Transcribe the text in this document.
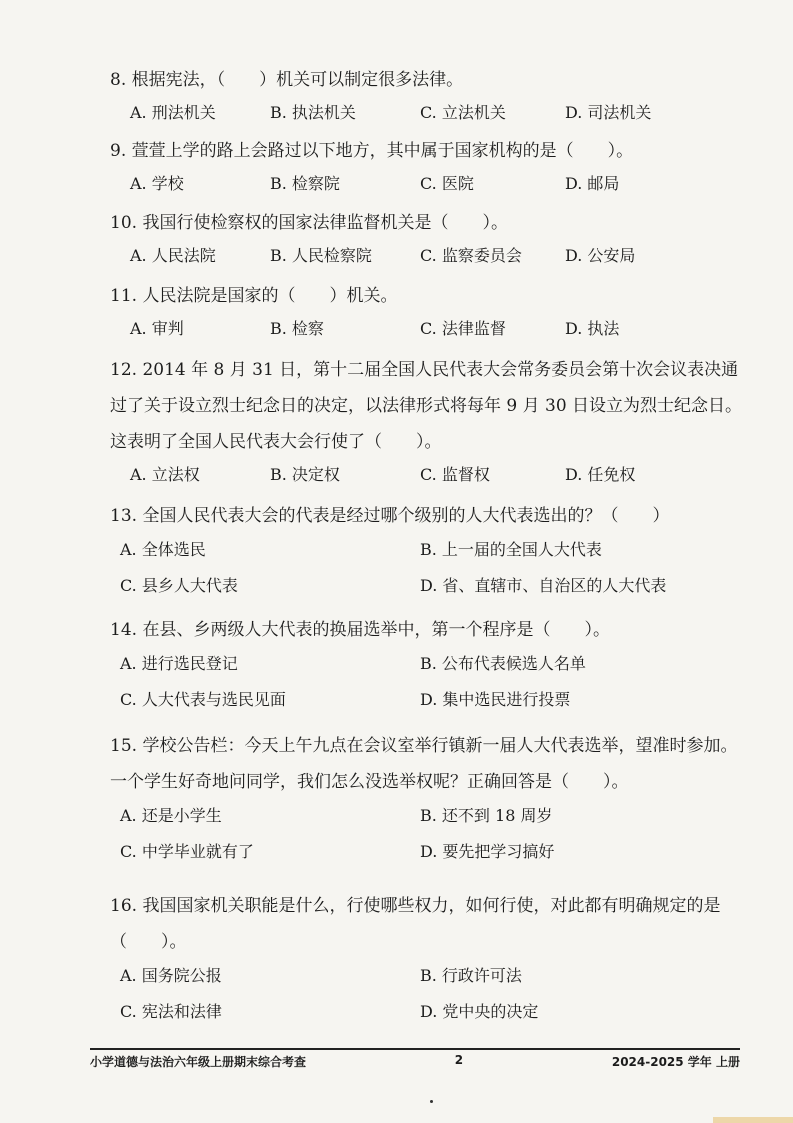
8. 根据宪法，（　　）机关可以制定很多法律。

A. 刑法机关	B. 执法机关	C. 立法机关	D. 司法机关

9. 萱萱上学的路上会路过以下地方，其中属于国家机构的是（　　）。

A. 学校	B. 检察院	C. 医院	D. 邮局

10. 我国行使检察权的国家法律监督机关是（　　）。

A. 人民法院	B. 人民检察院	C. 监察委员会	D. 公安局

11. 人民法院是国家的（　　）机关。

A. 审判	B. 检察	C. 法律监督	D. 执法

12. 2014 年 8 月 31 日，第十二届全国人民代表大会常务委员会第十次会议表决通过了关于设立烈士纪念日的决定，以法律形式将每年 9 月 30 日设立为烈士纪念日。这表明了全国人民代表大会行使了（　　）。

A. 立法权	B. 决定权	C. 监督权	D. 任免权

13. 全国人民代表大会的代表是经过哪个级别的人大代表选出的？（　　）

A. 全体选民	B. 上一届的全国人大代表
C. 县乡人大代表	D. 省、直辖市、自治区的人大代表

14. 在县、乡两级人大代表的换届选举中，第一个程序是（　　）。

A. 进行选民登记	B. 公布代表候选人名单
C. 人大代表与选民见面	D. 集中选民进行投票

15. 学校公告栏：今天上午九点在会议室举行镇新一届人大代表选举，望准时参加。一个学生好奇地问同学，我们怎么没选举权呢？正确回答是（　　）。

A. 还是小学生	B. 还不到 18 周岁
C. 中学毕业就有了	D. 要先把学习搞好

16. 我国国家机关职能是什么，行使哪些权力，如何行使，对此都有明确规定的是（　　）。

A. 国务院公报	B. 行政许可法
C. 宪法和法律	D. 党中央的决定
小学道德与法治六年级上册期末综合考查	2	2024-2025 学年 上册
